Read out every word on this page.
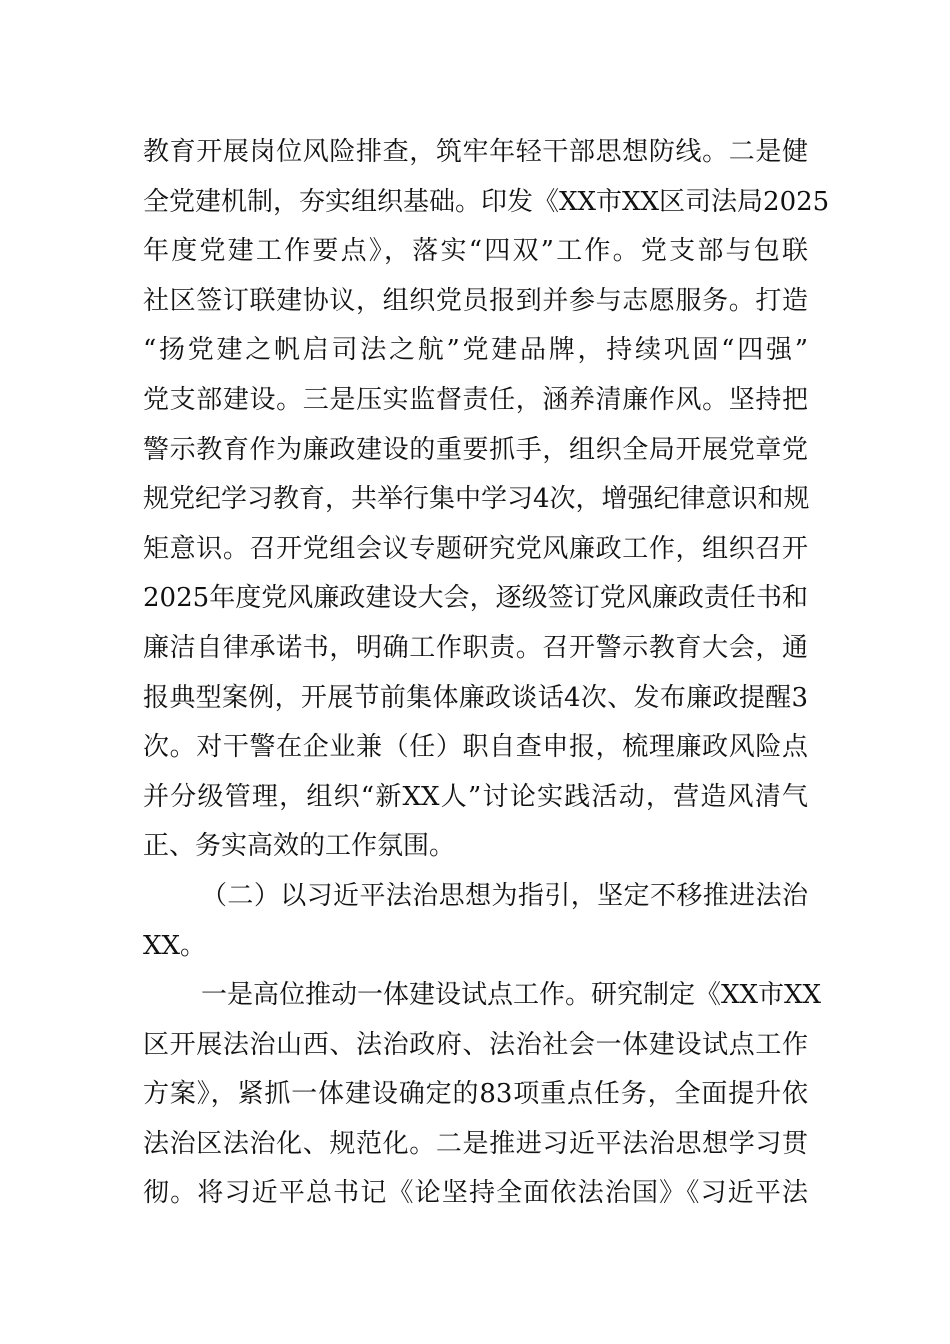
教育开展岗位风险排查，筑牢年轻干部思想防线。二是健
全党建机制，夯实组织基础。印发《XX市XX区司法局2025
年度党建工作要点》，落实“四双”工作。党支部与包联
社区签订联建协议，组织党员报到并参与志愿服务。打造
“扬党建之帆启司法之航”党建品牌，持续巩固“四强”
党支部建设。三是压实监督责任，涵养清廉作风。坚持把
警示教育作为廉政建设的重要抓手，组织全局开展党章党
规党纪学习教育，共举行集中学习4次，增强纪律意识和规
矩意识。召开党组会议专题研究党风廉政工作，组织召开
2025年度党风廉政建设大会，逐级签订党风廉政责任书和
廉洁自律承诺书，明确工作职责。召开警示教育大会，通
报典型案例，开展节前集体廉政谈话4次、发布廉政提醒3
次。对干警在企业兼（任）职自查申报，梳理廉政风险点
并分级管理，组织“新XX人”讨论实践活动，营造风清气
正、务实高效的工作氛围。
（二）以习近平法治思想为指引，坚定不移推进法治
XX。
一是高位推动一体建设试点工作。研究制定《XX市XX
区开展法治山西、法治政府、法治社会一体建设试点工作
方案》，紧抓一体建设确定的83项重点任务，全面提升依
法治区法治化、规范化。二是推进习近平法治思想学习贯
彻。将习近平总书记《论坚持全面依法治国》《习近平法
